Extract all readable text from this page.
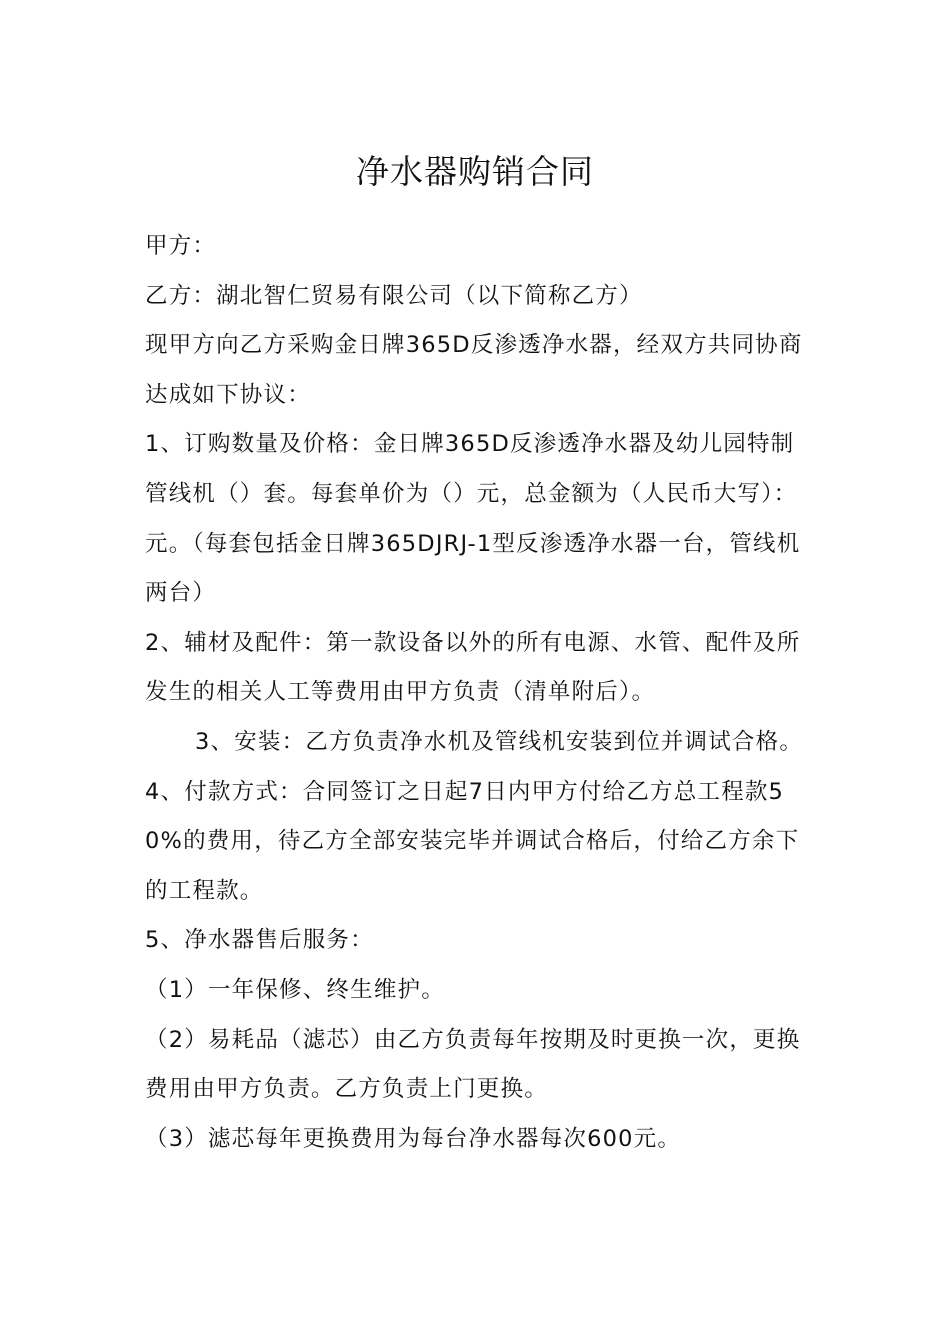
净水器购销合同

甲方：

乙方：湖北智仁贸易有限公司（以下简称乙方）

现甲方向乙方采购金日牌365D反渗透净水器，经双方共同协商达成如下协议：

1、订购数量及价格：金日牌365D反渗透净水器及幼儿园特制管线机（）套。每套单价为（）元，总金额为（人民币大写）：元。（每套包括金日牌365DJRJ-1型反渗透净水器一台，管线机两台）

2、辅材及配件：第一款设备以外的所有电源、水管、配件及所发生的相关人工等费用由甲方负责（清单附后）。

3、安装：乙方负责净水机及管线机安装到位并调试合格。

4、付款方式：合同签订之日起7日内甲方付给乙方总工程款50%的费用，待乙方全部安装完毕并调试合格后，付给乙方余下的工程款。

5、净水器售后服务：

（1）一年保修、终生维护。

（2）易耗品（滤芯）由乙方负责每年按期及时更换一次，更换费用由甲方负责。乙方负责上门更换。

（3）滤芯每年更换费用为每台净水器每次600元。
